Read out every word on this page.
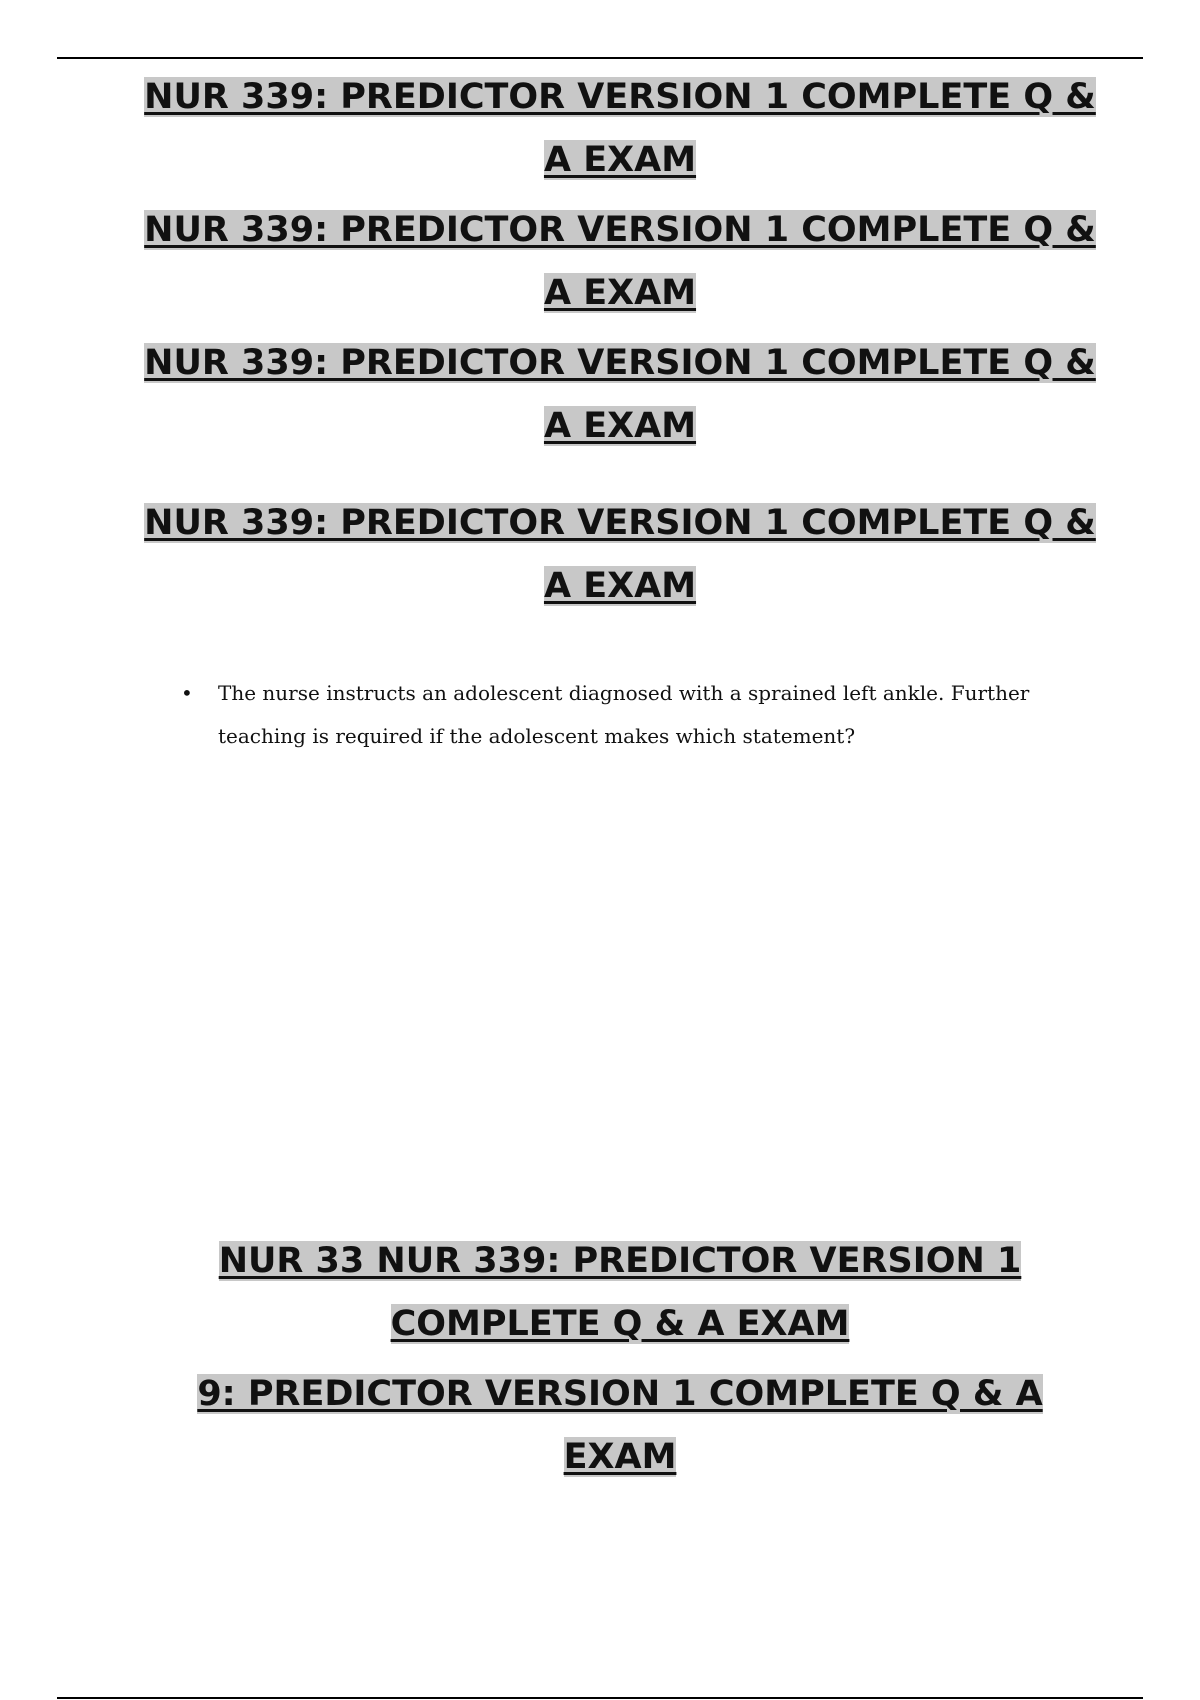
NUR 339: PREDICTOR VERSION 1 COMPLETE Q & A EXAM
NUR 339: PREDICTOR VERSION 1 COMPLETE Q & A EXAM
NUR 339: PREDICTOR VERSION 1 COMPLETE Q & A EXAM
NUR 339: PREDICTOR VERSION 1 COMPLETE Q & A EXAM
• The nurse instructs an adolescent diagnosed with a sprained left ankle. Further teaching is required if the adolescent makes which statement?
NUR 33 NUR 339: PREDICTOR VERSION 1 COMPLETE Q & A EXAM
9: PREDICTOR VERSION 1 COMPLETE Q & A EXAM
